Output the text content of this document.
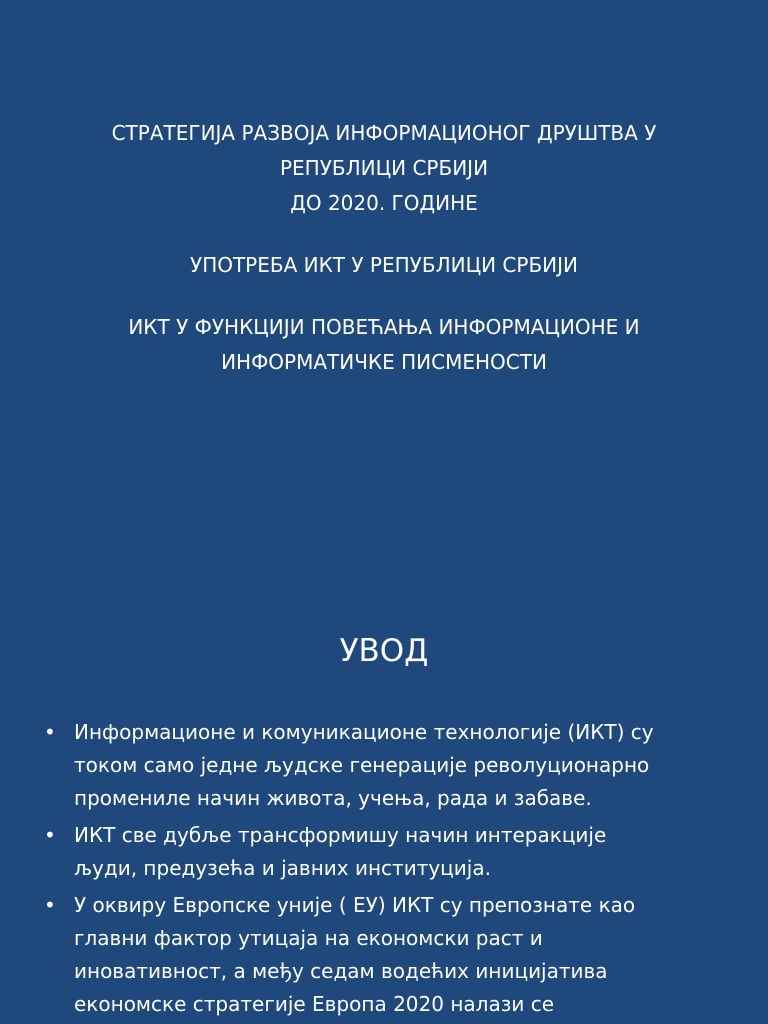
СТРАТЕГИЈА РАЗВОЈА ИНФОРМАЦИОНОГ ДРУШТВА У
РЕПУБЛИЦИ СРБИЈИ
ДО 2020. ГОДИНЕ
УПОТРЕБА ИКТ У РЕПУБЛИЦИ СРБИЈИ
ИКТ У ФУНКЦИЈИ ПОВЕЋАЊА ИНФОРМАЦИОНЕ И
ИНФОРМАТИЧКЕ ПИСМЕНОСТИ
УВОД
• Информационе и комуникационе технологије (ИКТ) су
током само једне људске генерације револуционарно
промениле начин живота, учења, рада и забаве.
• ИКТ све дубље трансформишу начин интеракције
људи, предузећа и јавних институција.
• У оквиру Европске уније ( ЕУ) ИКТ су препознате као
главни фактор утицаја на економски раст и
иновативност, а међу седам водећих иницијатива
економске стратегије Европа 2020 налази се
